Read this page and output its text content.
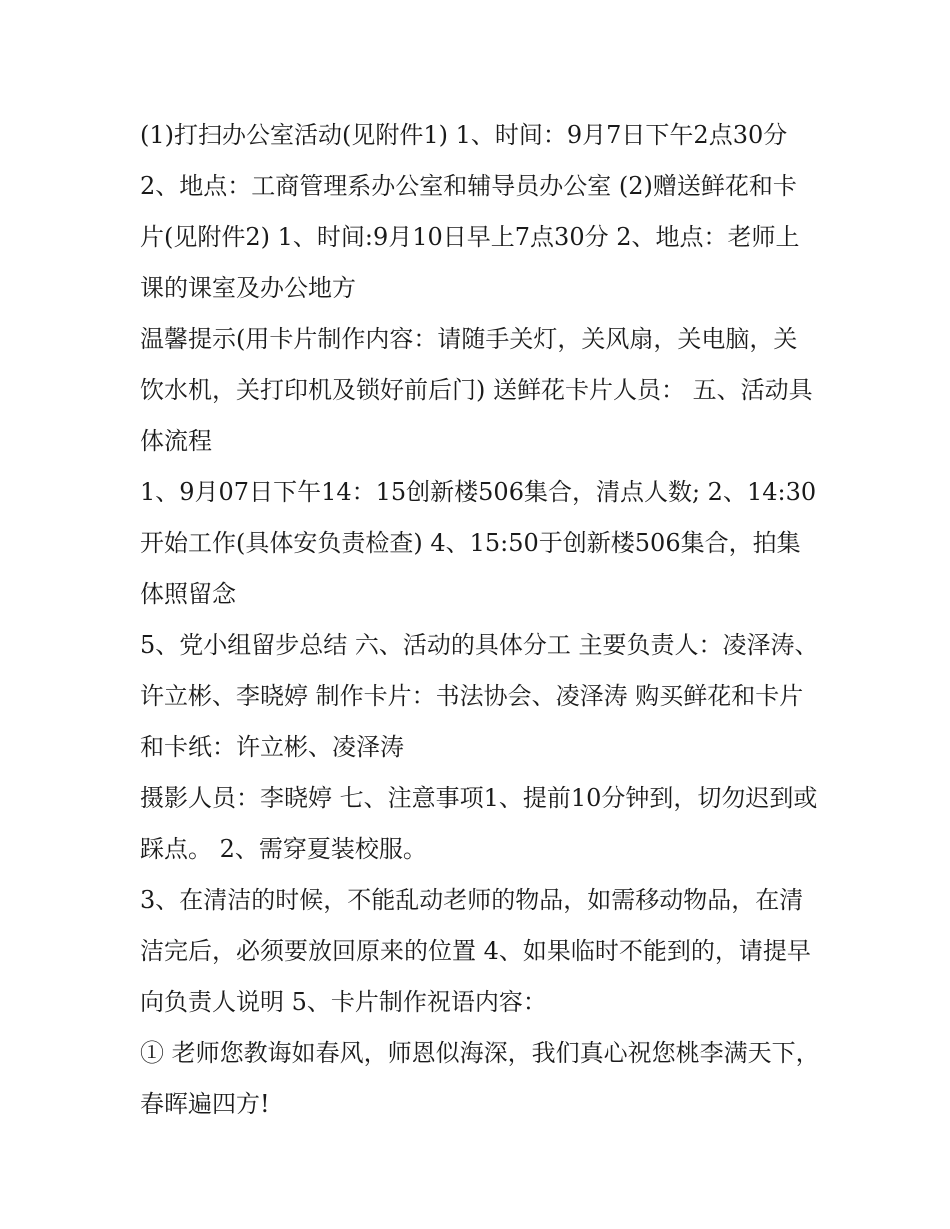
(1)打扫办公室活动(见附件1) 1、时间：9月7日下午2点30分 2、地点：工商管理系办公室和辅导员办公室 (2)赠送鲜花和卡片(见附件2) 1、时间:9月10日早上7点30分 2、地点：老师上课的课室及办公地方

温馨提示(用卡片制作内容：请随手关灯，关风扇，关电脑，关饮水机，关打印机及锁好前后门) 送鲜花卡片人员： 五、活动具体流程

1、9月07日下午14：15创新楼506集合，清点人数; 2、14:30开始工作(具体安负责检查) 4、15:50于创新楼506集合，拍集体照留念

5、党小组留步总结 六、活动的具体分工 主要负责人：凌泽涛、许立彬、李晓婷 制作卡片：书法协会、凌泽涛 购买鲜花和卡片和卡纸：许立彬、凌泽涛

摄影人员：李晓婷 七、注意事项1、提前10分钟到，切勿迟到或踩点。 2、需穿夏装校服。

3、在清洁的时候，不能乱动老师的物品，如需移动物品，在清洁完后，必须要放回原来的位置 4、如果临时不能到的，请提早向负责人说明 5、卡片制作祝语内容：

① 老师您教诲如春风，师恩似海深，我们真心祝您桃李满天下，春晖遍四方!
